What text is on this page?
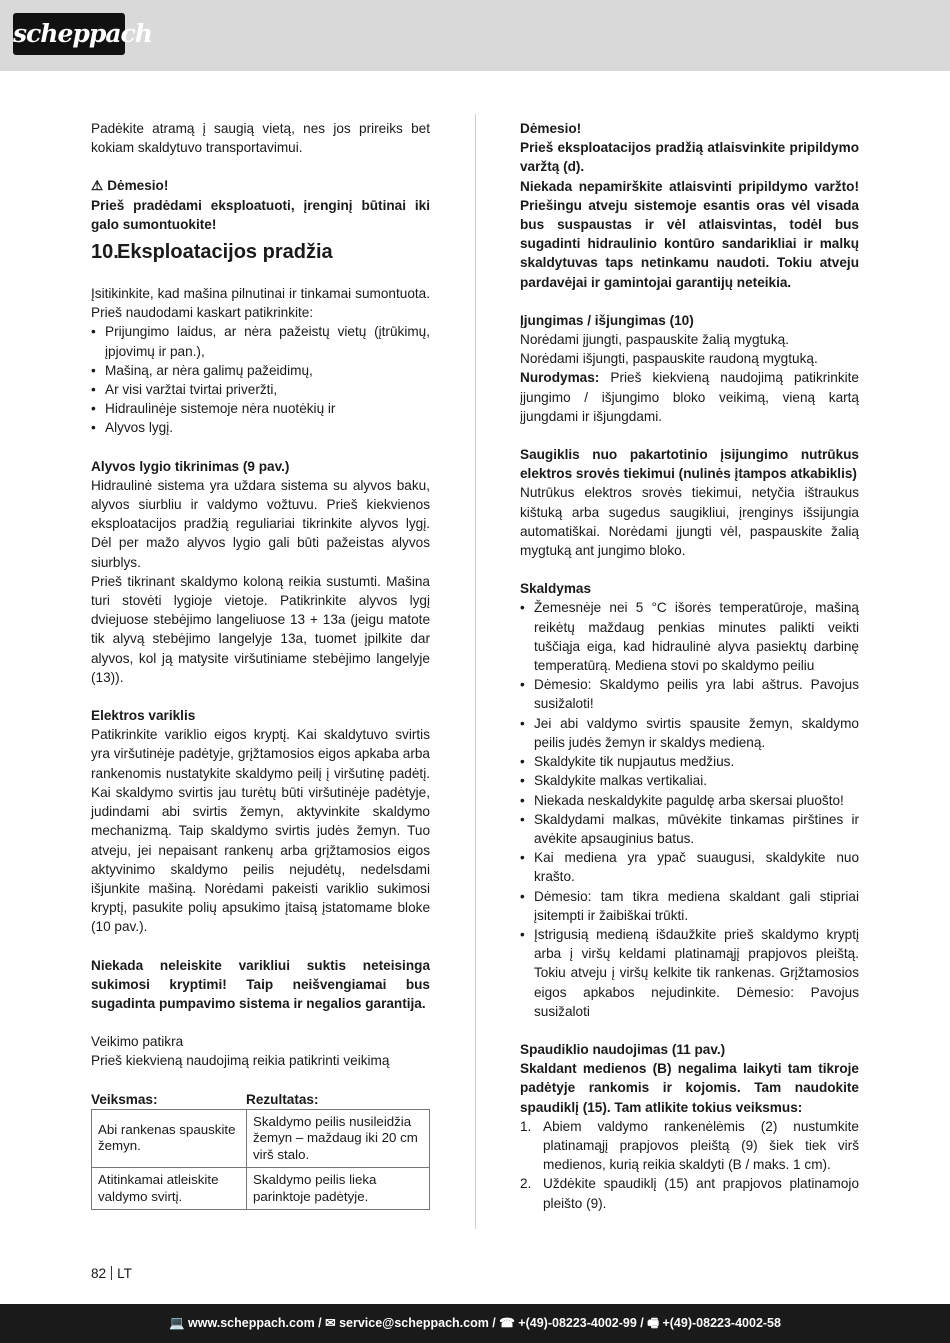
scheppach

Padėkite atramą į saugią vietą, nes jos prireiks bet kokiam skaldytuvo transportavimui.

⚠ Dėmesio!

Prieš pradėdami eksploatuoti, įrenginį būtinai iki galo sumontuokite!

10.Eksploatacijos pradžia

Įsitikinkite, kad mašina pilnutinai ir tinkamai sumontuota. Prieš naudodami kaskart patikrinkite:

• Prijungimo laidus, ar nėra pažeistų vietų (įtrūkimų, įpjovimų ir pan.),
• Mašiną, ar nėra galimų pažeidimų,
• Ar visi varžtai tvirtai priveržti,
• Hidraulinėje sistemoje nėra nuotėkių ir
• Alyvos lygį.

Alyvos lygio tikrinimas (9 pav.)

Hidraulinė sistema yra uždara sistema su alyvos baku, alyvos siurbliu ir valdymo vožtuvu. Prieš kiekvienos eksploatacijos pradžią reguliariai tikrinkite alyvos lygį. Dėl per mažo alyvos lygio gali būti pažeistas alyvos siurblys.

Prieš tikrinant skaldymo koloną reikia sustumti. Mašina turi stovėti lygioje vietoje. Patikrinkite alyvos lygį dviejuose stebėjimo langeliuose 13 + 13a (jeigu matote tik alyvą stebėjimo langelyje 13a, tuomet įpilkite dar alyvos, kol ją matysite viršutiniame stebėjimo langelyje (13)).

Elektros variklis

Patikrinkite variklio eigos kryptį. Kai skaldytuvo svirtis yra viršutinėje padėtyje, grįžtamosios eigos apkaba arba rankenomis nustatykite skaldymo peilį į viršutinę padėtį. Kai skaldymo svirtis jau turėtų būti viršutinėje padėtyje, judindami abi svirtis žemyn, aktyvinkite skaldymo mechanizmą. Taip skaldymo svirtis judės žemyn. Tuo atveju, jei nepaisant rankenų arba grįžtamosios eigos aktyvinimo skaldymo peilis nejudėtų, nedelsdami išjunkite mašiną. Norėdami pakeisti variklio sukimosi kryptį, pasukite polių apsukimo įtaisą įstatomame bloke (10 pav.).

Niekada neleiskite varikliui suktis neteisinga sukimosi kryptimi! Taip neišvengiamai bus sugadinta pumpavimo sistema ir negalios garantija.

Veikimo patikra

Prieš kiekvieną naudojimą reikia patikrinti veikimą

Veiksmas:	Rezultatas:
Abi rankenas spauskite žemyn.	Skaldymo peilis nusileidžia žemyn – maždaug iki 20 cm virš stalo.
Atitinkamai atleiskite valdymo svirtį.	Skaldymo peilis lieka parinktoje padėtyje.

Dėmesio!

Prieš eksploatacijos pradžią atlaisvinkite pripildymo varžtą (d).

Niekada nepamirškite atlaisvinti pripildymo varžto! Priešingu atveju sistemoje esantis oras vėl visada bus suspaustas ir vėl atlaisvintas, todėl bus sugadinti hidraulinio kontūro sandarikliai ir malkų skaldytuvas taps netinkamu naudoti. Tokiu atveju pardavėjai ir gamintojai garantijų neteikia.

Įjungimas / išjungimas (10)

Norėdami įjungti, paspauskite žalią mygtuką.

Norėdami išjungti, paspauskite raudoną mygtuką.

Nurodymas: Prieš kiekvieną naudojimą patikrinkite įjungimo / išjungimo bloko veikimą, vieną kartą įjungdami ir išjungdami.

Saugiklis nuo pakartotinio įsijungimo nutrūkus elektros srovės tiekimui (nulinės įtampos atkabiklis)

Nutrūkus elektros srovės tiekimui, netyčia ištraukus kištuką arba sugedus saugikliui, įrenginys išsijungia automatiškai. Norėdami įjungti vėl, paspauskite žalią mygtuką ant jungimo bloko.

Skaldymas

• Žemesnėje nei 5 °C išorės temperatūroje, mašiną reikėtų maždaug penkias minutes palikti veikti tuščiąja eiga, kad hidraulinė alyva pasiektų darbinę temperatūrą. Mediena stovi po skaldymo peiliu
• Dėmesio: Skaldymo peilis yra labi aštrus. Pavojus susižaloti!
• Jei abi valdymo svirtis spausite žemyn, skaldymo peilis judės žemyn ir skaldys medieną.
• Skaldykite tik nupjautus medžius.
• Skaldykite malkas vertikaliai.
• Niekada neskaldykite paguldę arba skersai pluošto!
• Skaldydami malkas, mūvėkite tinkamas pirštines ir avėkite apsauginius batus.
• Kai mediena yra ypač suaugusi, skaldykite nuo krašto.
• Dėmesio: tam tikra mediena skaldant gali stipriai įsitempti ir žaibiškai trūkti.
• Įstrigusią medieną išdaužkite prieš skaldymo kryptį arba į viršų keldami platinamąjį prapjovos pleištą. Tokiu atveju į viršų kelkite tik rankenas. Grįžtamosios eigos apkabos nejudinkite. Dėmesio: Pavojus susižaloti

Spaudiklio naudojimas (11 pav.)

Skaldant medienos (B) negalima laikyti tam tikroje padėtyje rankomis ir kojomis. Tam naudokite spaudiklį (15). Tam atlikite tokius veiksmus:

1. Abiem valdymo rankenėlėmis (2) nustumkite platinamąjį prapjovos pleištą (9) šiek tiek virš medienos, kurią reikia skaldyti (B / maks. 1 cm).
2. Uždėkite spaudiklį (15) ant prapjovos platinamojo pleišto (9).
82 LT
💻 www.scheppach.com / ✉ service@scheppach.com / ☎ +(49)-08223-4002-99 / 🖷 +(49)-08223-4002-58
